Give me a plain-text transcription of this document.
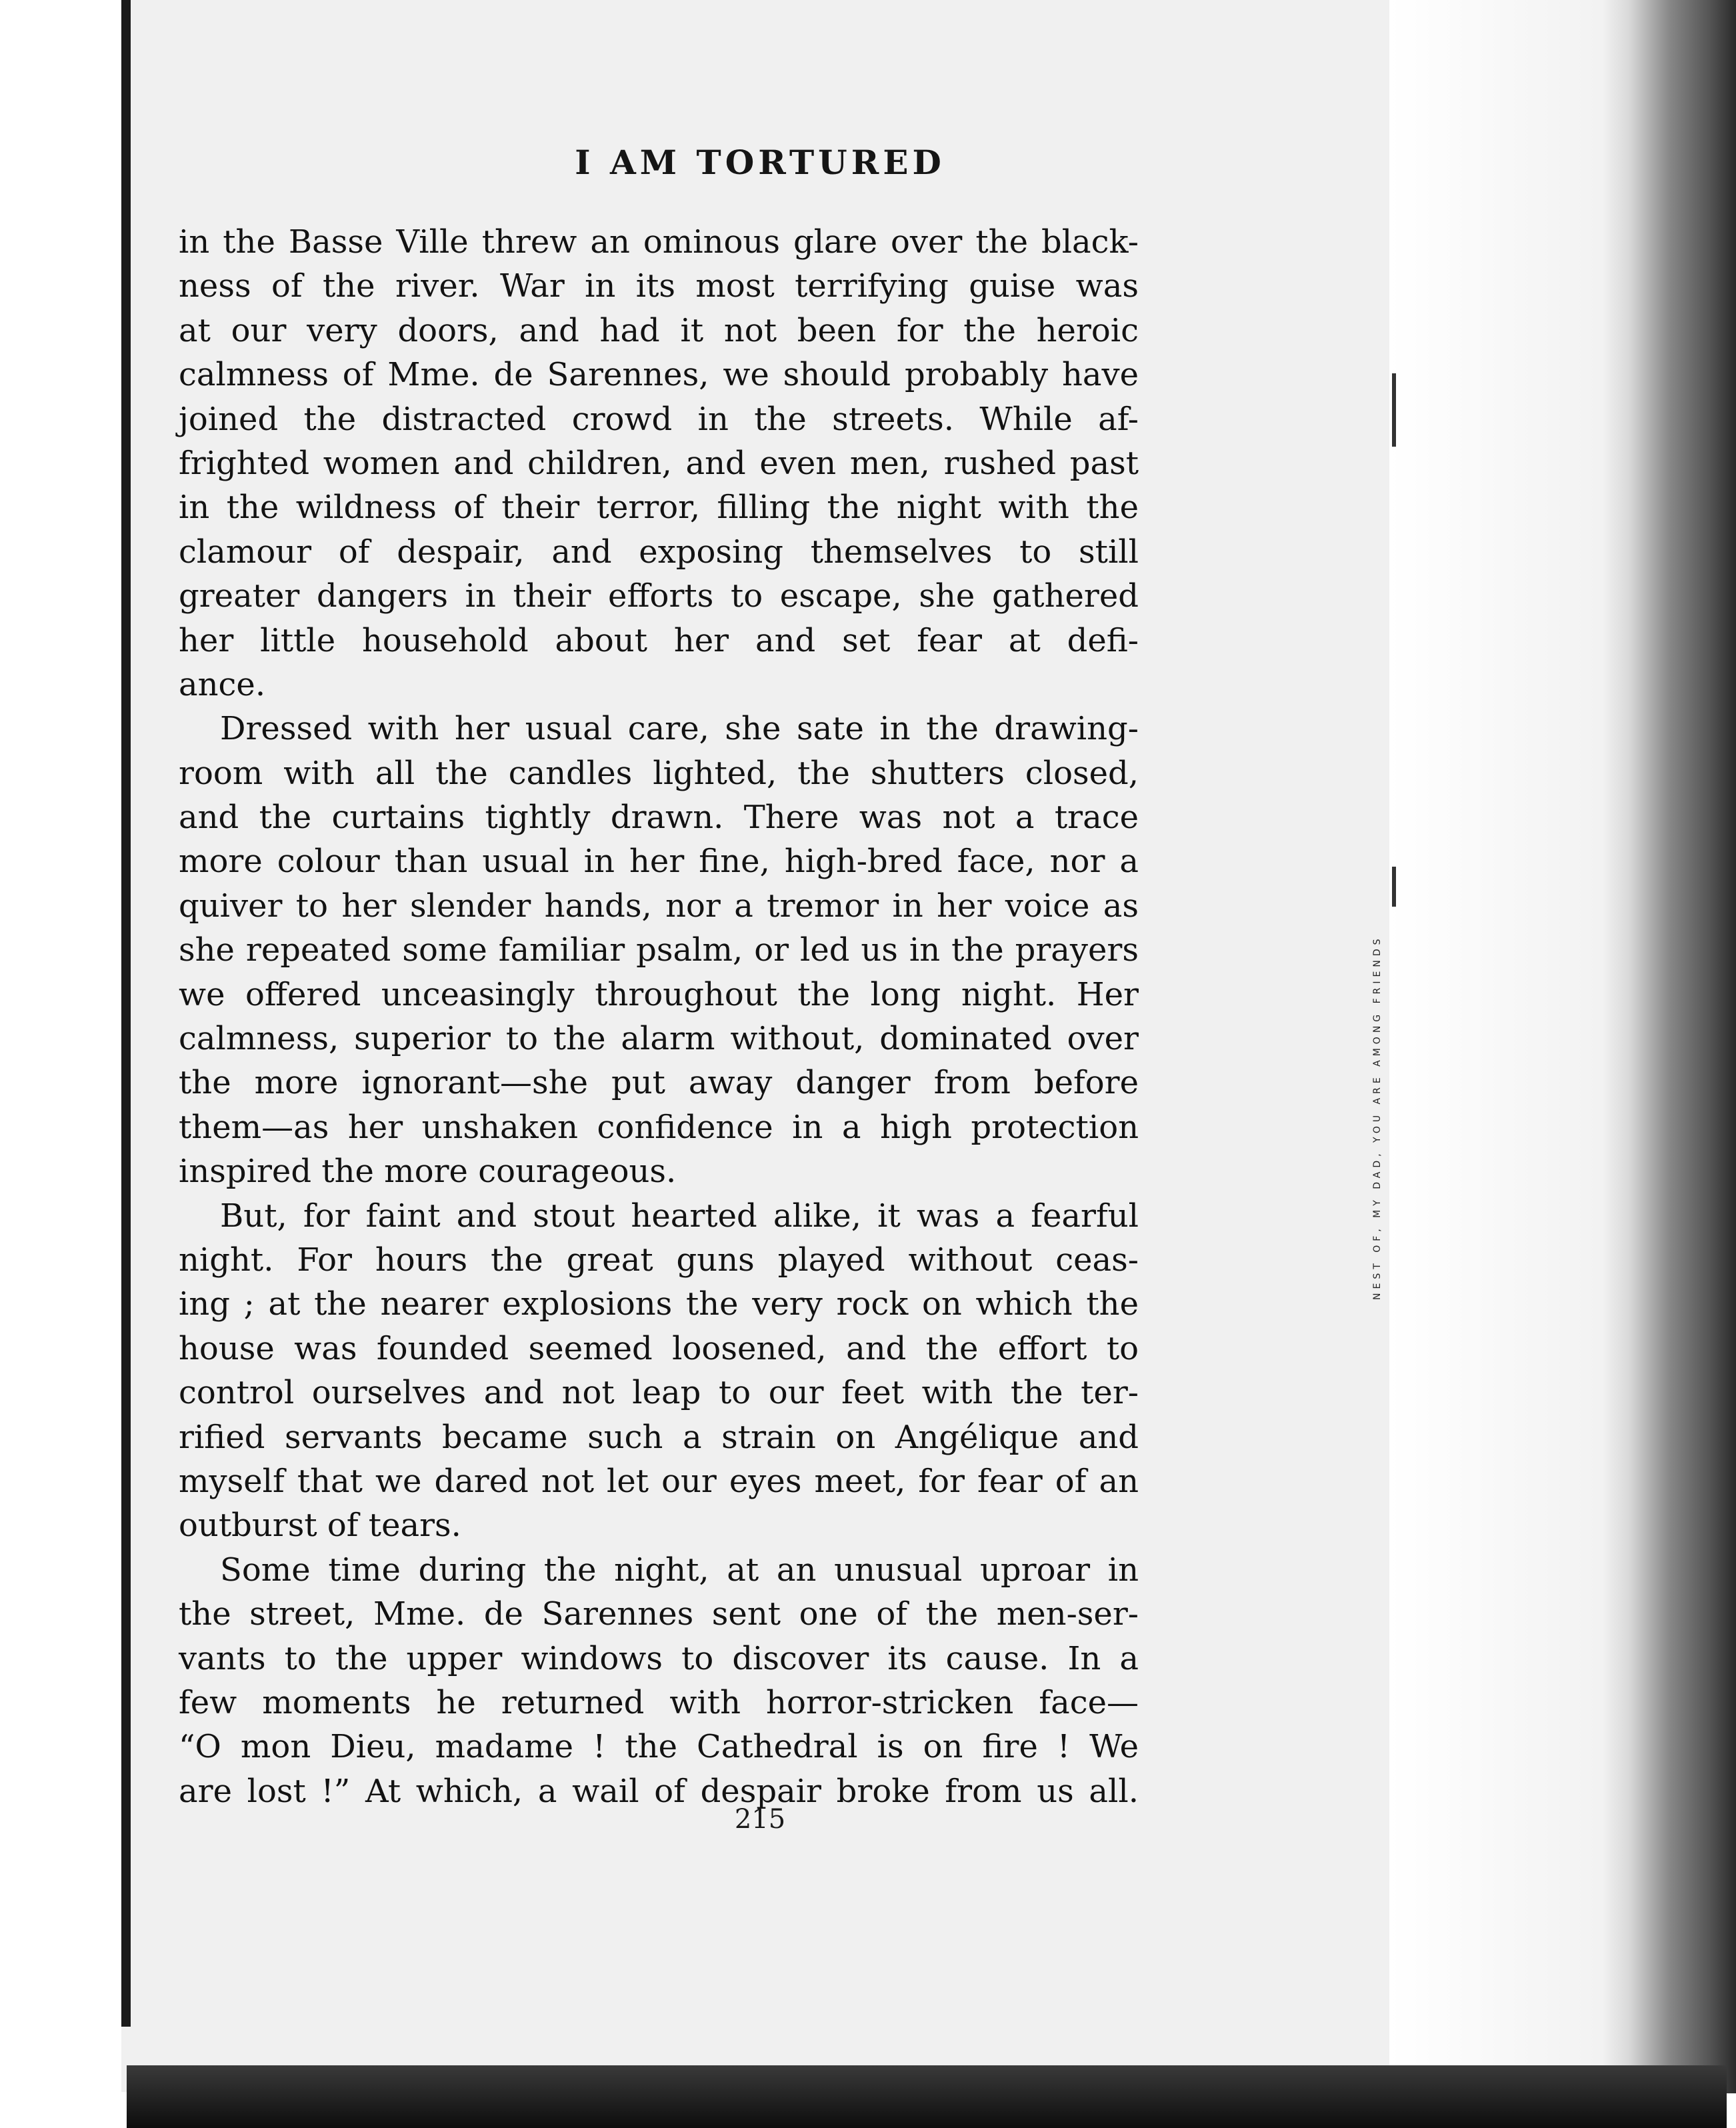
NEST OF, MY DAD, YOU ARE AMONG FRIENDS
I AM TORTURED
in the Basse Ville threw an ominous glare over the black-
ness of the river. War in its most terrifying guise was
at our very doors, and had it not been for the heroic
calmness of Mme. de Sarennes, we should probably have
joined the distracted crowd in the streets. While af-
frighted women and children, and even men, rushed past
in the wildness of their terror, filling the night with the
clamour of despair, and exposing themselves to still
greater dangers in their efforts to escape, she gathered
her little household about her and set fear at defi-
ance.
Dressed with her usual care, she sate in the drawing-
room with all the candles lighted, the shutters closed,
and the curtains tightly drawn. There was not a trace
more colour than usual in her fine, high-bred face, nor a
quiver to her slender hands, nor a tremor in her voice as
she repeated some familiar psalm, or led us in the prayers
we offered unceasingly throughout the long night. Her
calmness, superior to the alarm without, dominated over
the more ignorant—she put away danger from before
them—as her unshaken confidence in a high protection
inspired the more courageous.
But, for faint and stout hearted alike, it was a fearful
night. For hours the great guns played without ceas-
ing ; at the nearer explosions the very rock on which the
house was founded seemed loosened, and the effort to
control ourselves and not leap to our feet with the ter-
rified servants became such a strain on Angélique and
myself that we dared not let our eyes meet, for fear of an
outburst of tears.
Some time during the night, at an unusual uproar in
the street, Mme. de Sarennes sent one of the men-ser-
vants to the upper windows to discover its cause. In a
few moments he returned with horror-stricken face—
“O mon Dieu, madame ! the Cathedral is on fire ! We
are lost !” At which, a wail of despair broke from us all.
215
